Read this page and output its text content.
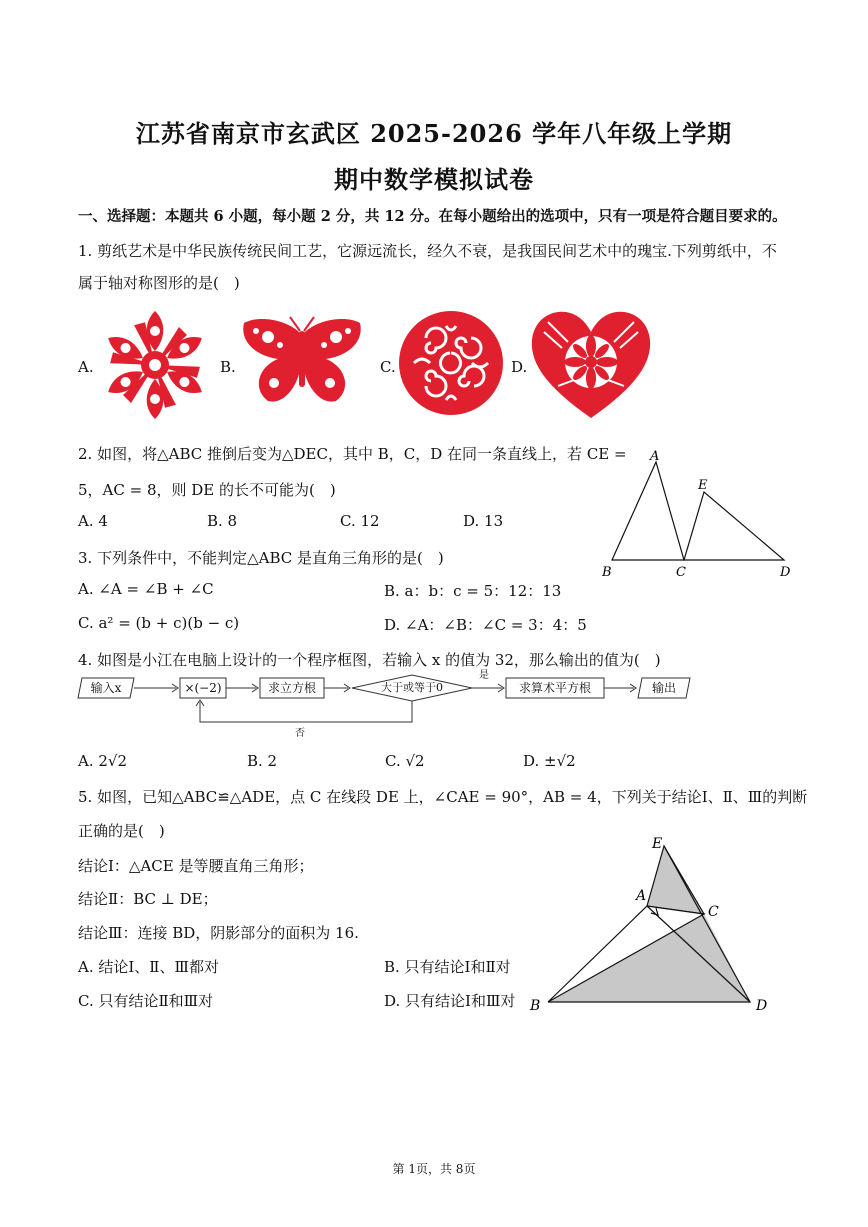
江苏省南京市玄武区 2025-2026 学年八年级上学期
期中数学模拟试卷
一、选择题：本题共 6 小题，每小题 2 分，共 12 分。在每小题给出的选项中，只有一项是符合题目要求的。
1. 剪纸艺术是中华民族传统民间工艺，它源远流长，经久不衰，是我国民间艺术中的瑰宝.下列剪纸中，不
属于轴对称图形的是(　)
A.	B.	C.	D.
2. 如图，将△ABC 推倒后变为△DEC，其中 B，C，D 在同一条直线上，若 CE =
5，AC = 8，则 DE 的长不可能为(　)
A. 4	B. 8	C. 12	D. 13
A
B	C	D
E
3. 下列条件中，不能判定△ABC 是直角三角形的是(　)
A. ∠A = ∠B + ∠C	B. a：b：c = 5：12：13
C. a² = (b + c)(b − c)	D. ∠A：∠B：∠C = 3：4：5
4. 如图是小江在电脑上设计的一个程序框图，若输入 x 的值为 32，那么输出的值为(　)
输入x	×(−2)	求立方根	大于或等于0
是
求算术平方根	输出
否
A. 2√2	B. 2	C. √2	D. ±√2
5. 如图，已知△ABC≌△ADE，点 C 在线段 DE 上，∠CAE = 90°，AB = 4，下列关于结论Ⅰ、Ⅱ、Ⅲ的判断
正确的是(　)
结论Ⅰ：△ACE 是等腰直角三角形；
结论Ⅱ：BC ⊥ DE；
结论Ⅲ：连接 BD，阴影部分的面积为 16.
A. 结论Ⅰ、Ⅱ、Ⅲ都对	B. 只有结论Ⅰ和Ⅱ对
C. 只有结论Ⅱ和Ⅲ对	D. 只有结论Ⅰ和Ⅲ对
E
A
C
B	D
第 1页，共 8页
